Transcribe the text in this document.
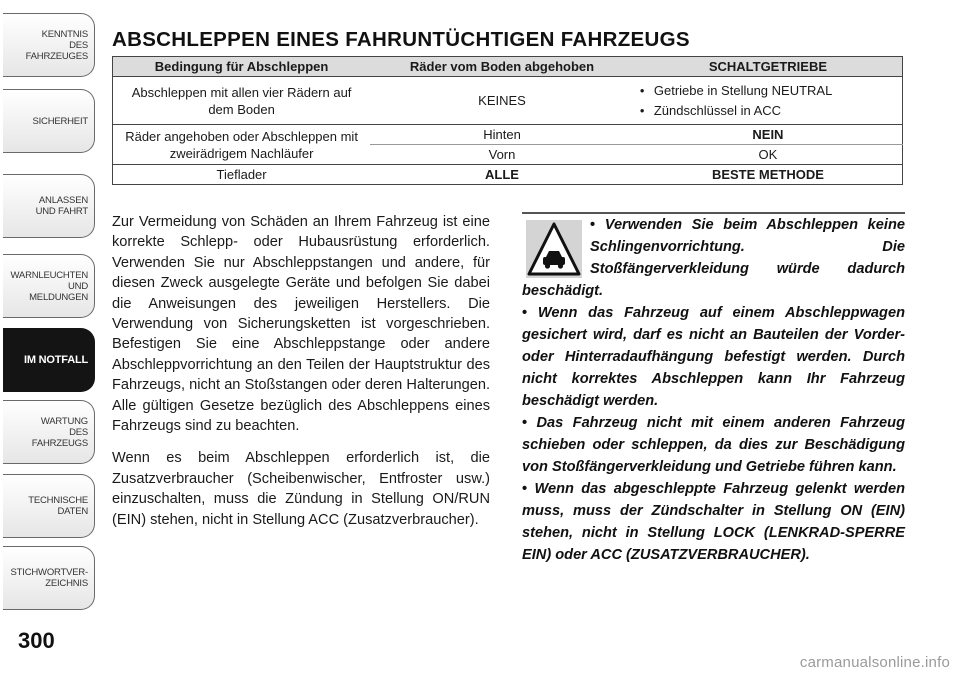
KENNTNIS
DES
FAHRZEUGES
SICHERHEIT
ANLASSEN
UND FAHRT
WARNLEUCHTEN
UND
MELDUNGEN
IM NOTFALL
WARTUNG
DES
FAHRZEUGS
TECHNISCHE
DATEN
STICHWORTVER-
ZEICHNIS
300
ABSCHLEPPEN EINES FAHRUNTÜCHTIGEN FAHRZEUGS
Bedingung für Abschleppen	Räder vom Boden abgehoben	SCHALTGETRIEBE
Abschleppen mit allen vier Rädern auf dem Boden	KEINES	• Getriebe in Stellung NEUTRAL
• Zündschlüssel in ACC

Räder angehoben oder Abschleppen mit zweirädrigem Nachläufer	Hinten	NEIN
	Vorn	OK
Tieflader	ALLE	BESTE METHODE

Zur Vermeidung von Schäden an Ihrem Fahrzeug ist eine korrekte Schlepp- oder Hubausrüstung erforderlich. Verwenden Sie nur Abschleppstangen und andere, für diesen Zweck ausgelegte Geräte und befolgen Sie dabei die Anweisungen des jeweiligen Herstellers. Die Verwendung von Sicherungsketten ist vorgeschrieben. Befestigen Sie eine Abschleppstange oder andere Abschleppvorrichtung an den Teilen der Hauptstruktur des Fahrzeugs, nicht an Stoßstangen oder deren Halterungen. Alle gültigen Gesetze bezüglich des Abschleppens eines Fahrzeugs sind zu beachten.

Wenn es beim Abschleppen erforderlich ist, die Zusatzverbraucher (Scheibenwischer, Entfroster usw.) einzuschalten, muss die Zündung in Stellung ON/RUN (EIN) stehen, nicht in Stellung ACC (Zusatzverbraucher).

• Verwenden Sie beim Abschleppen keine Schlingenvorrichtung. Die Stoßfängerverkleidung würde dadurch beschädigt.

• Wenn das Fahrzeug auf einem Abschleppwagen gesichert wird, darf es nicht an Bauteilen der Vorder- oder Hinterradaufhängung befestigt werden. Durch nicht korrektes Abschleppen kann Ihr Fahrzeug beschädigt werden.

• Das Fahrzeug nicht mit einem anderen Fahrzeug schieben oder schleppen, da dies zur Beschädigung von Stoßfängerverkleidung und Getriebe führen kann.

• Wenn das abgeschleppte Fahrzeug gelenkt werden muss, muss der Zündschalter in Stellung ON (EIN) stehen, nicht in Stellung LOCK (LENKRAD-SPERRE EIN) oder ACC (ZUSATZVERBRAUCHER).

carmanualsonline.info
